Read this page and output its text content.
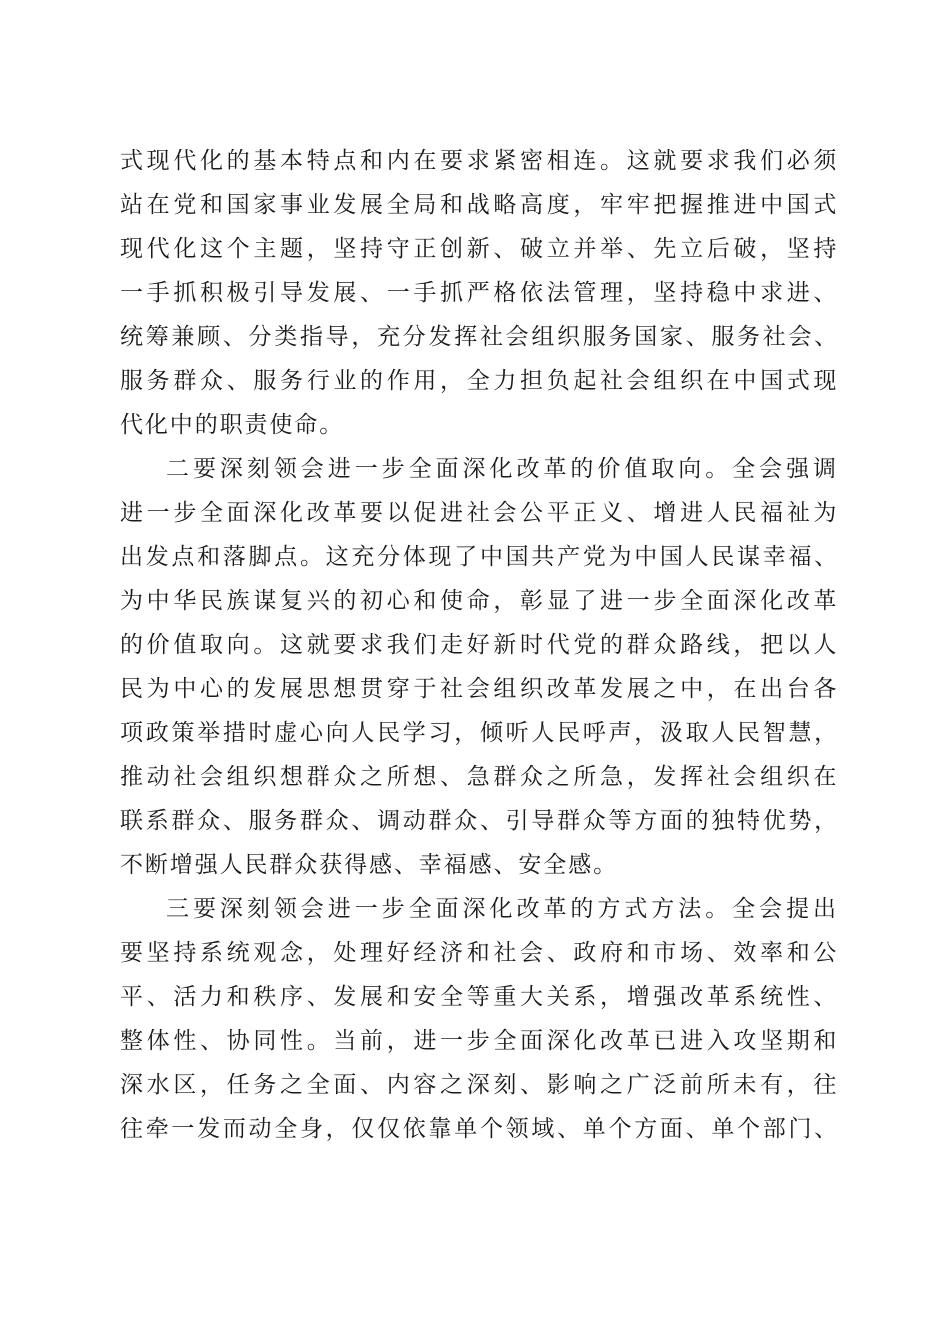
式现代化的基本特点和内在要求紧密相连。这就要求我们必须
站在党和国家事业发展全局和战略高度，牢牢把握推进中国式
现代化这个主题，坚持守正创新、破立并举、先立后破，坚持
一手抓积极引导发展、一手抓严格依法管理，坚持稳中求进、
统筹兼顾、分类指导，充分发挥社会组织服务国家、服务社会、
服务群众、服务行业的作用，全力担负起社会组织在中国式现
代化中的职责使命。
二要深刻领会进一步全面深化改革的价值取向。全会强调
进一步全面深化改革要以促进社会公平正义、增进人民福祉为
出发点和落脚点。这充分体现了中国共产党为中国人民谋幸福、
为中华民族谋复兴的初心和使命，彰显了进一步全面深化改革
的价值取向。这就要求我们走好新时代党的群众路线，把以人
民为中心的发展思想贯穿于社会组织改革发展之中，在出台各
项政策举措时虚心向人民学习，倾听人民呼声，汲取人民智慧，
推动社会组织想群众之所想、急群众之所急，发挥社会组织在
联系群众、服务群众、调动群众、引导群众等方面的独特优势，
不断增强人民群众获得感、幸福感、安全感。
三要深刻领会进一步全面深化改革的方式方法。全会提出
要坚持系统观念，处理好经济和社会、政府和市场、效率和公
平、活力和秩序、发展和安全等重大关系，增强改革系统性、
整体性、协同性。当前，进一步全面深化改革已进入攻坚期和
深水区，任务之全面、内容之深刻、影响之广泛前所未有，往
往牵一发而动全身，仅仅依靠单个领域、单个方面、单个部门、
